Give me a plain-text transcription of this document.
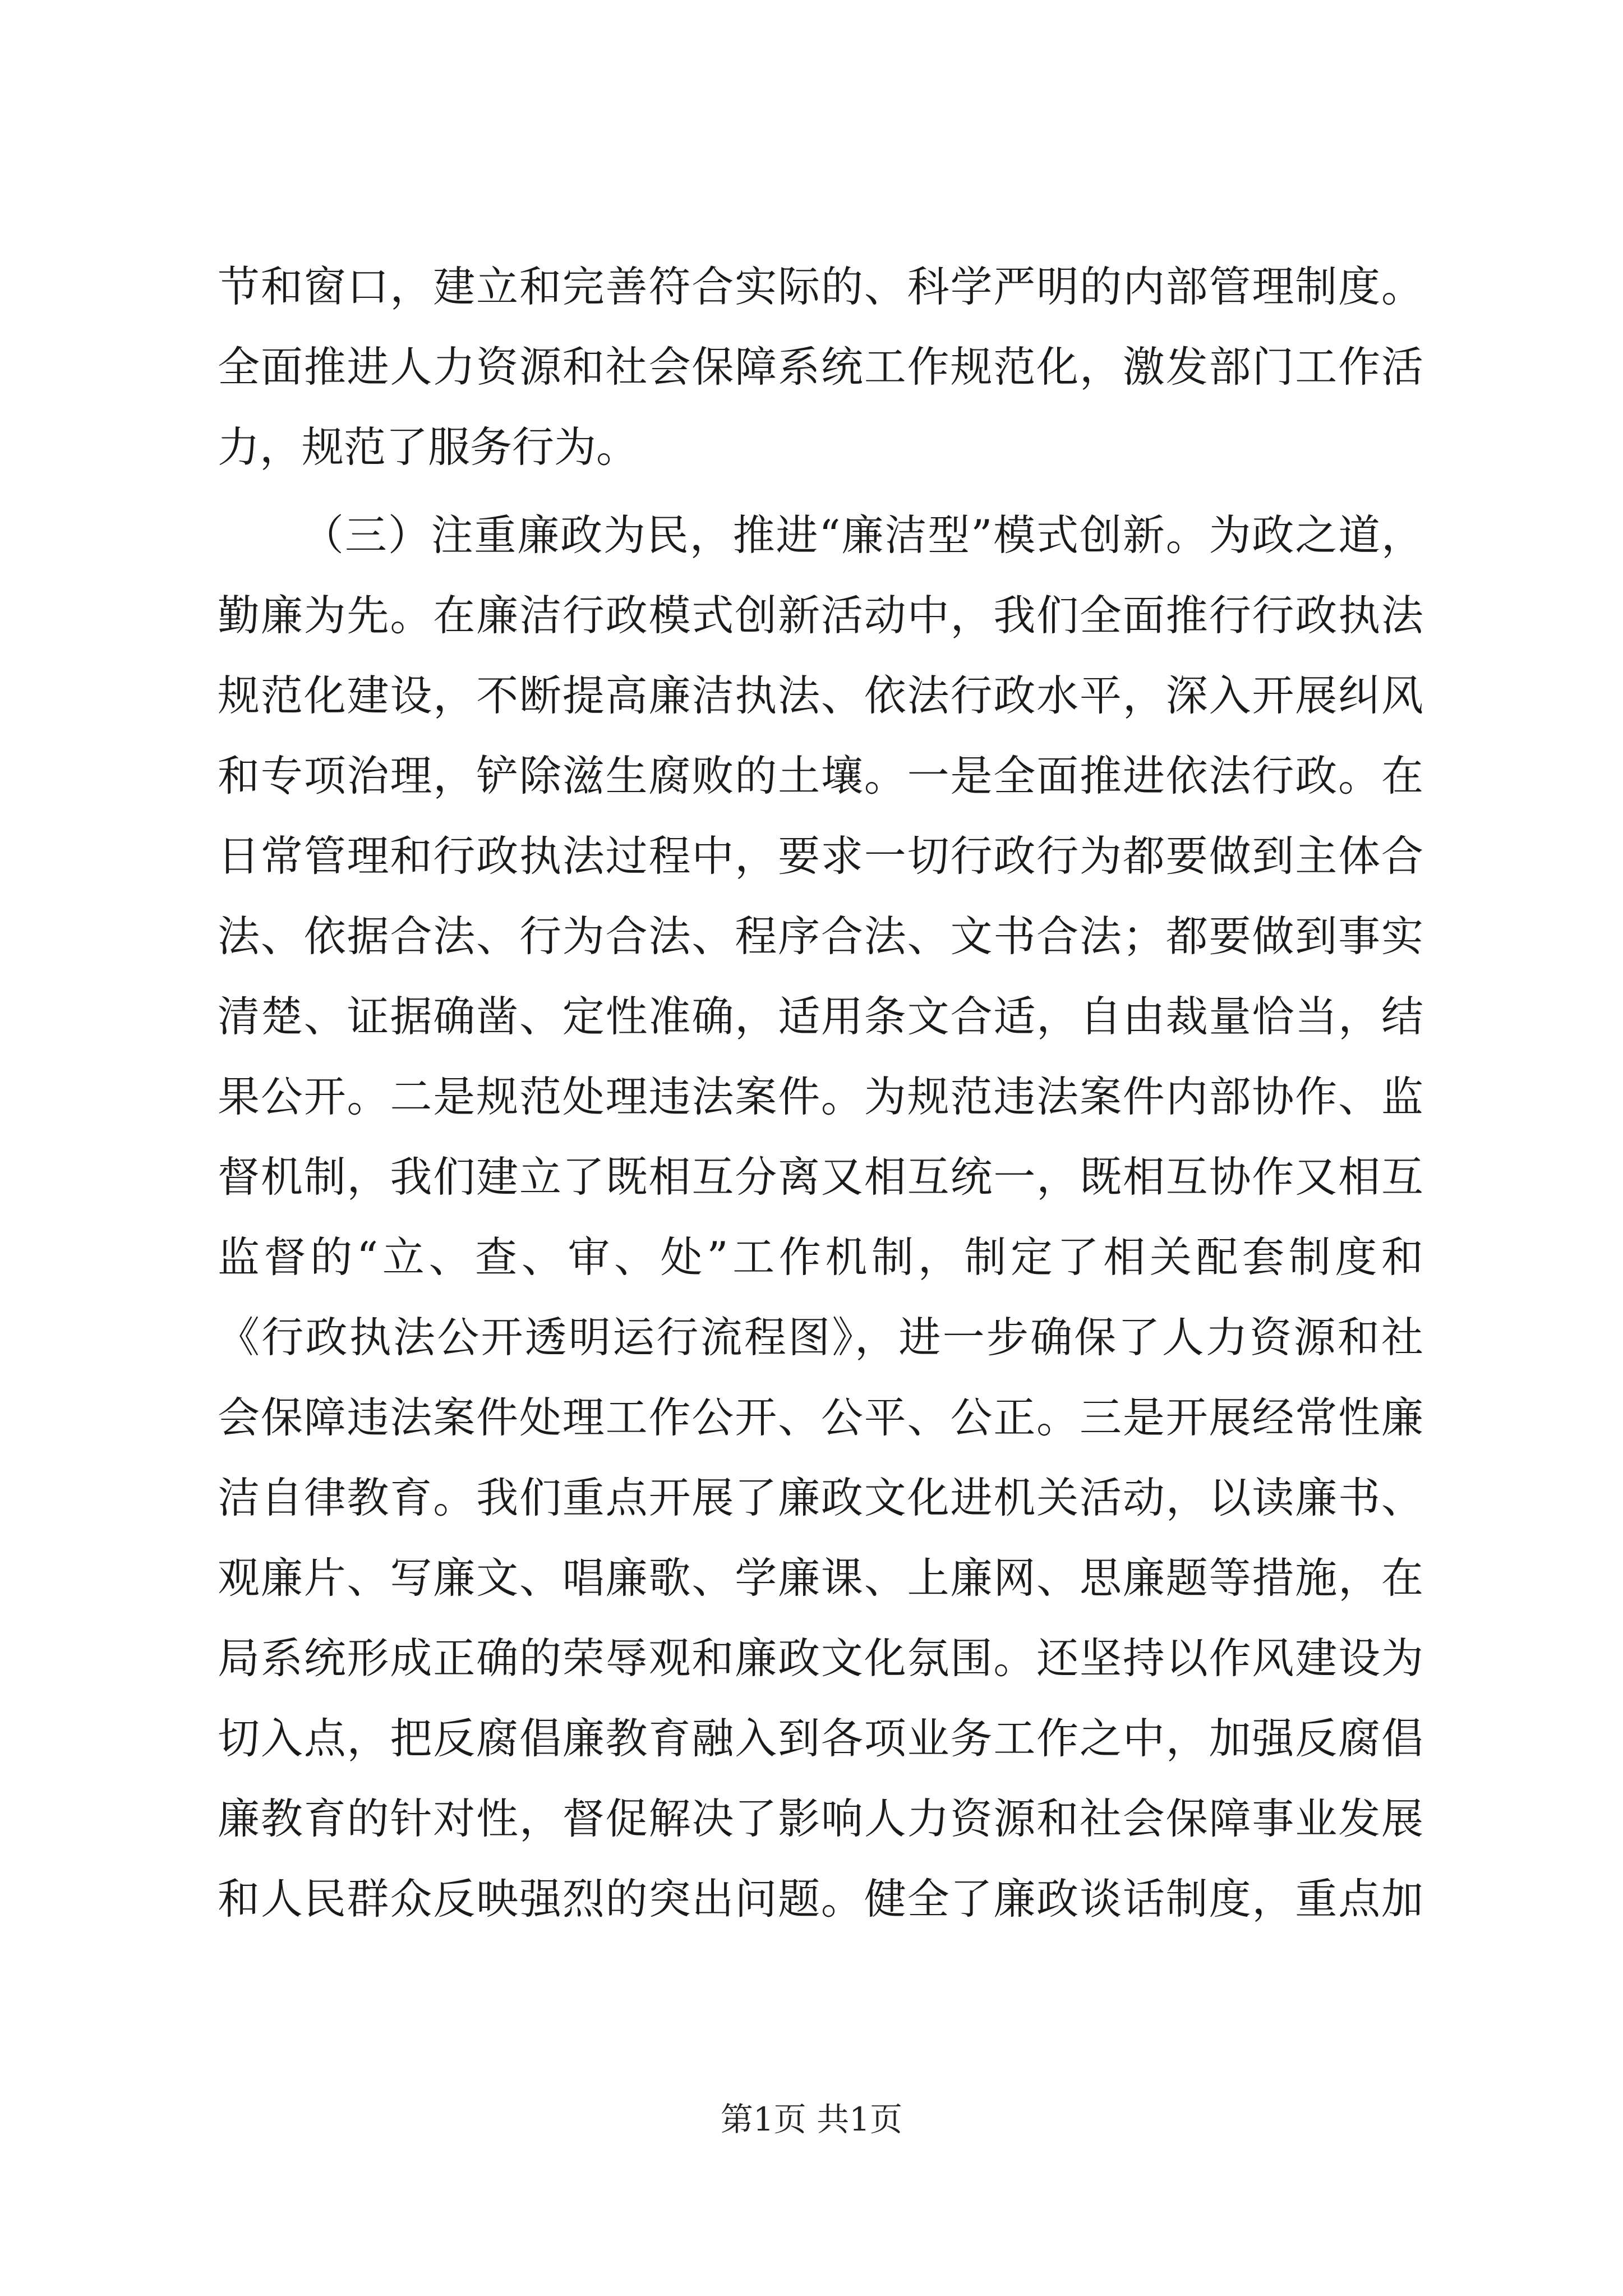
节和窗口，建立和完善符合实际的、科学严明的内部管理制度。
全面推进人力资源和社会保障系统工作规范化，激发部门工作活
力，规范了服务行为。
（三）注重廉政为民，推进“廉洁型”模式创新。为政之道，
勤廉为先。在廉洁行政模式创新活动中，我们全面推行行政执法
规范化建设，不断提高廉洁执法、依法行政水平，深入开展纠风
和专项治理，铲除滋生腐败的土壤。一是全面推进依法行政。在
日常管理和行政执法过程中，要求一切行政行为都要做到主体合
法、依据合法、行为合法、程序合法、文书合法；都要做到事实
清楚、证据确凿、定性准确，适用条文合适，自由裁量恰当，结
果公开。二是规范处理违法案件。为规范违法案件内部协作、监
督机制，我们建立了既相互分离又相互统一，既相互协作又相互
监督的“立、查、审、处”工作机制，制定了相关配套制度和
《行政执法公开透明运行流程图》，进一步确保了人力资源和社
会保障违法案件处理工作公开、公平、公正。三是开展经常性廉
洁自律教育。我们重点开展了廉政文化进机关活动，以读廉书、
观廉片、写廉文、唱廉歌、学廉课、上廉网、思廉题等措施，在
局系统形成正确的荣辱观和廉政文化氛围。还坚持以作风建设为
切入点，把反腐倡廉教育融入到各项业务工作之中，加强反腐倡
廉教育的针对性，督促解决了影响人力资源和社会保障事业发展
和人民群众反映强烈的突出问题。健全了廉政谈话制度，重点加
第1页 共1页
